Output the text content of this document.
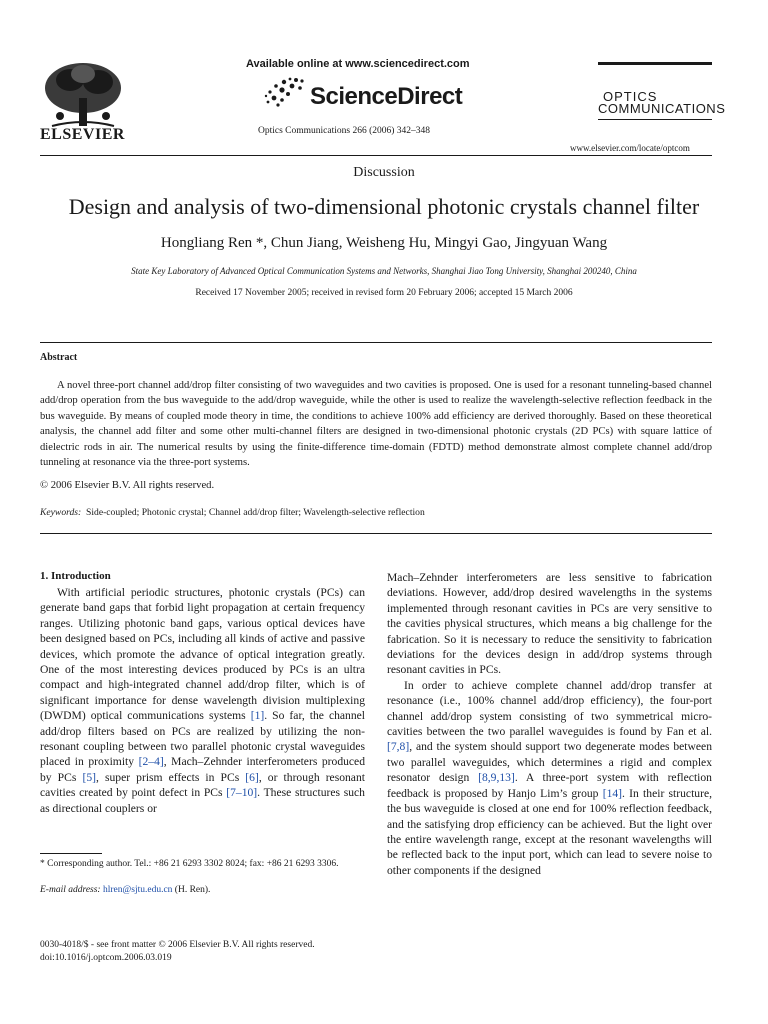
ELSEVIER
Available online at www.sciencedirect.com
ScienceDirect
Optics Communications 266 (2006) 342–348
OPTICS
COMMUNICATIONS
www.elsevier.com/locate/optcom
Discussion
Design and analysis of two-dimensional photonic crystals channel filter
Hongliang Ren *, Chun Jiang, Weisheng Hu, Mingyi Gao, Jingyuan Wang
State Key Laboratory of Advanced Optical Communication Systems and Networks, Shanghai Jiao Tong University, Shanghai 200240, China
Received 17 November 2005; received in revised form 20 February 2006; accepted 15 March 2006
Abstract
A novel three-port channel add/drop filter consisting of two waveguides and two cavities is proposed. One is used for a resonant tunneling-based channel add/drop operation from the bus waveguide to the add/drop waveguide, while the other is used to realize the wavelength-selective reflection feedback in the bus waveguide. By means of coupled mode theory in time, the conditions to achieve 100% add efficiency are derived thoroughly. Based on these theoretical analysis, the channel add filter and some other multi-channel filters are designed in two-dimensional photonic crystals (2D PCs) with square lattice of dielectric rods in air. The numerical results by using the finite-difference time-domain (FDTD) method demonstrate almost complete channel add/drop tunneling at resonance via the three-port systems.
© 2006 Elsevier B.V. All rights reserved.
Keywords: Side-coupled; Photonic crystal; Channel add/drop filter; Wavelength-selective reflection
1. Introduction

With artificial periodic structures, photonic crystals (PCs) can generate band gaps that forbid light propagation at certain frequency ranges. Utilizing photonic band gaps, various optical devices have been designed based on PCs, including all kinds of active and passive devices, which promote the advance of optical integration greatly. One of the most interesting devices produced by PCs is an ultra compact and high-integrated channel add/drop filter, which is of significant importance for dense wavelength division multiplexing (DWDM) optical communications systems [1]. So far, the channel add/drop filters based on PCs are realized by utilizing the non-resonant coupling between two parallel photonic crystal waveguides placed in proximity [2–4], Mach–Zehnder interferometers produced by PCs [5], super prism effects in PCs [6], or through resonant cavities created by point defect in PCs [7–10]. These structures such as directional couplers or

Mach–Zehnder interferometers are less sensitive to fabrication deviations. However, add/drop desired wavelengths in the systems implemented through resonant cavities in PCs are very sensitive to the cavities physical structures, which means a big challenge for the fabrication. So it is necessary to reduce the sensitivity to fabrication deviations for the devices design in add/drop systems through resonant cavities in PCs.

In order to achieve complete channel add/drop transfer at resonance (i.e., 100% channel add/drop efficiency), the four-port channel add/drop system consisting of two symmetrical micro-cavities between the two parallel waveguides is found by Fan et al. [7,8], and the system should support two degenerate modes between two parallel waveguides, which determines a rigid and complex resonator design [8,9,13]. A three-port system with reflection feedback is proposed by Hanjo Lim’s group [14]. In their structure, the bus waveguide is closed at one end for 100% reflection feedback, and the satisfying drop efficiency can be achieved. But the light over the entire wavelength range, except at the resonant wavelengths will be reflected back to the input port, which can lead to severe noise to other components if the designed

* Corresponding author. Tel.: +86 21 6293 3302 8024; fax: +86 21 6293 3306.
E-mail address: hlren@sjtu.edu.cn (H. Ren).
0030-4018/$ - see front matter © 2006 Elsevier B.V. All rights reserved.
doi:10.1016/j.optcom.2006.03.019
